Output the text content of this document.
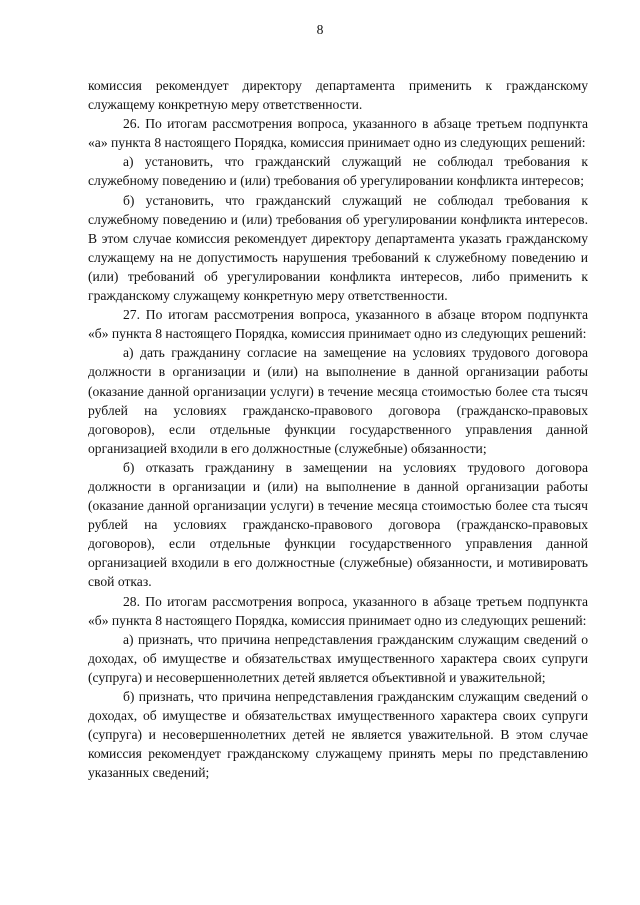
8

комиссия рекомендует директору департамента применить к гражданскому служащему конкретную меру ответственности.

26. По итогам рассмотрения вопроса, указанного в абзаце третьем подпункта «а» пункта 8 настоящего Порядка, комиссия принимает одно из следующих решений:

а) установить, что гражданский служащий не соблюдал требования к служебному поведению и (или) требования об урегулировании конфликта интересов;

б) установить, что гражданский служащий не соблюдал требования к служебному поведению и (или) требования об урегулировании конфликта интересов. В этом случае комиссия рекомендует директору департамента указать гражданскому служащему на не допустимость нарушения требований к служебному поведению и (или) требований об урегулировании конфликта интересов, либо применить к гражданскому служащему конкретную меру ответственности.

27. По итогам рассмотрения вопроса, указанного в абзаце втором подпункта «б» пункта 8 настоящего Порядка, комиссия принимает одно из следующих решений:

а) дать гражданину согласие на замещение на условиях трудового договора должности в организации и (или) на выполнение в данной организации работы (оказание данной организации услуги) в течение месяца стоимостью более ста тысяч рублей на условиях гражданско-правового договора (гражданско-правовых договоров), если отдельные функции государственного управления данной организацией входили в его должностные (служебные) обязанности;

б) отказать гражданину в замещении на условиях трудового договора должности в организации и (или) на выполнение в данной организации работы (оказание данной организации услуги) в течение месяца стоимостью более ста тысяч рублей на условиях гражданско-правового договора (гражданско-правовых договоров), если отдельные функции государственного управления данной организацией входили в его должностные (служебные) обязанности, и мотивировать свой отказ.

28. По итогам рассмотрения вопроса, указанного в абзаце третьем подпункта «б» пункта 8 настоящего Порядка, комиссия принимает одно из следующих решений:

а) признать, что причина непредставления гражданским служащим сведений о доходах, об имуществе и обязательствах имущественного характера своих супруги (супруга) и несовершеннолетних детей является объективной и уважительной;

б) признать, что причина непредставления гражданским служащим сведений о доходах, об имуществе и обязательствах имущественного характера своих супруги (супруга) и несовершеннолетних детей не является уважительной. В этом случае комиссия рекомендует гражданскому служащему принять меры по представлению указанных сведений;
